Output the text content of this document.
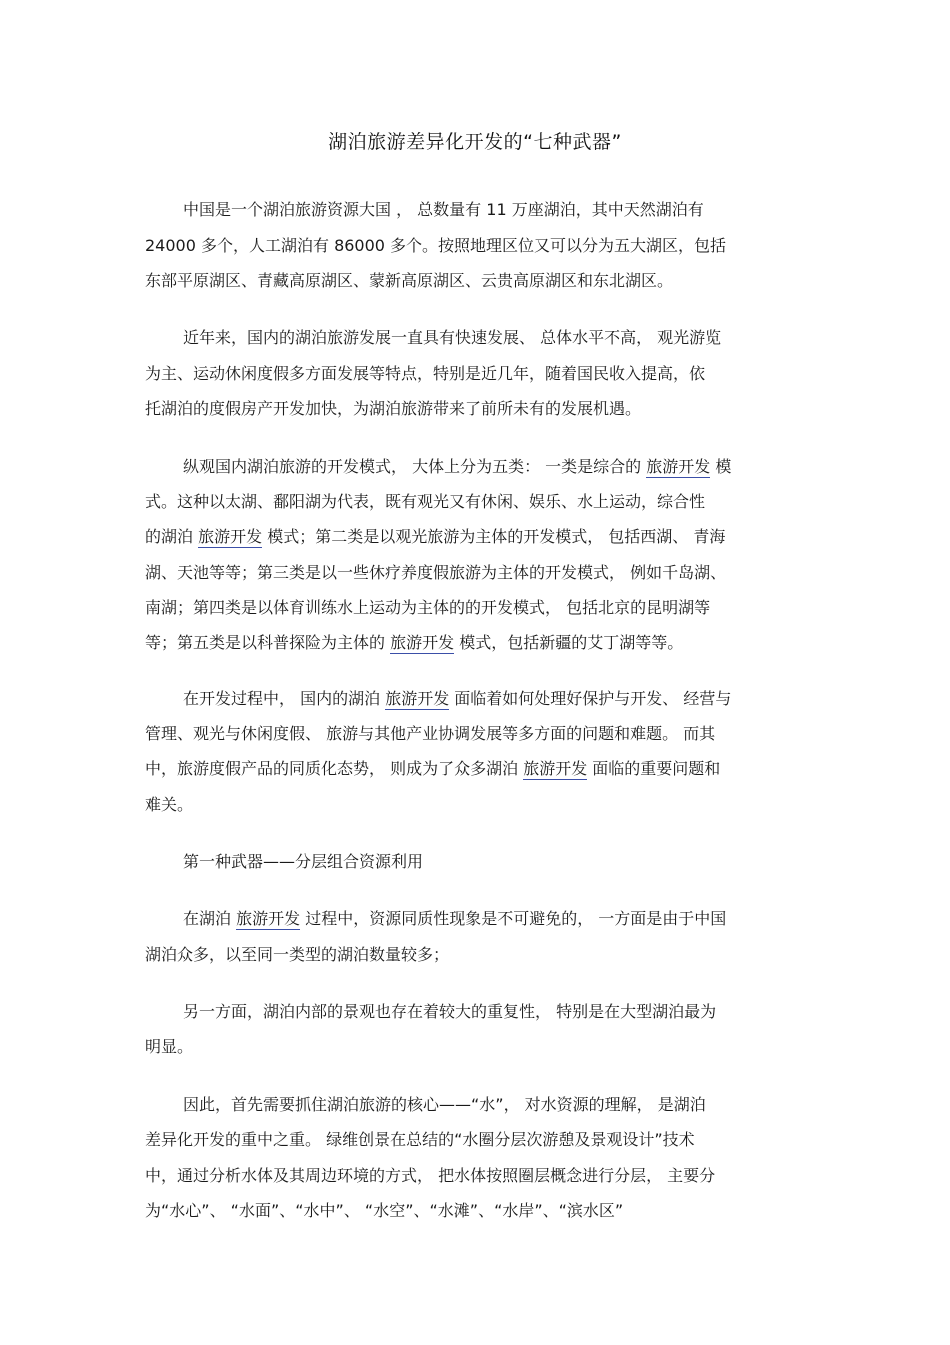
湖泊旅游差异化开发的“七种武器”
中国是一个湖泊旅游资源大国 ， 总数量有 11 万座湖泊，其中天然湖泊有
24000 多个，人工湖泊有 86000 多个。按照地理区位又可以分为五大湖区，包括
东部平原湖区、青藏高原湖区、蒙新高原湖区、云贵高原湖区和东北湖区。
近年来，国内的湖泊旅游发展一直具有快速发展、 总体水平不高， 观光游览
为主、运动休闲度假多方面发展等特点，特别是近几年，随着国民收入提高，依
托湖泊的度假房产开发加快，为湖泊旅游带来了前所未有的发展机遇。
纵观国内湖泊旅游的开发模式， 大体上分为五类： 一类是综合的 旅游开发 模
式。这种以太湖、鄱阳湖为代表，既有观光又有休闲、娱乐、水上运动，综合性
的湖泊 旅游开发 模式；第二类是以观光旅游为主体的开发模式， 包括西湖、 青海
湖、天池等等；第三类是以一些休疗养度假旅游为主体的开发模式， 例如千岛湖、
南湖；第四类是以体育训练水上运动为主体的的开发模式， 包括北京的昆明湖等
等；第五类是以科普探险为主体的 旅游开发 模式，包括新疆的艾丁湖等等。
在开发过程中， 国内的湖泊 旅游开发 面临着如何处理好保护与开发、 经营与
管理、观光与休闲度假、 旅游与其他产业协调发展等多方面的问题和难题。 而其
中，旅游度假产品的同质化态势， 则成为了众多湖泊 旅游开发 面临的重要问题和
难关。
第一种武器——分层组合资源利用
在湖泊 旅游开发 过程中，资源同质性现象是不可避免的， 一方面是由于中国
湖泊众多，以至同一类型的湖泊数量较多；
另一方面，湖泊内部的景观也存在着较大的重复性， 特别是在大型湖泊最为
明显。
因此，首先需要抓住湖泊旅游的核心——“水”， 对水资源的理解， 是湖泊
差异化开发的重中之重。 绿维创景在总结的“水圈分层次游憩及景观设计”技术
中，通过分析水体及其周边环境的方式， 把水体按照圈层概念进行分层， 主要分
为“水心”、 “水面”、“水中”、 “水空”、“水滩”、“水岸”、“滨水区”
